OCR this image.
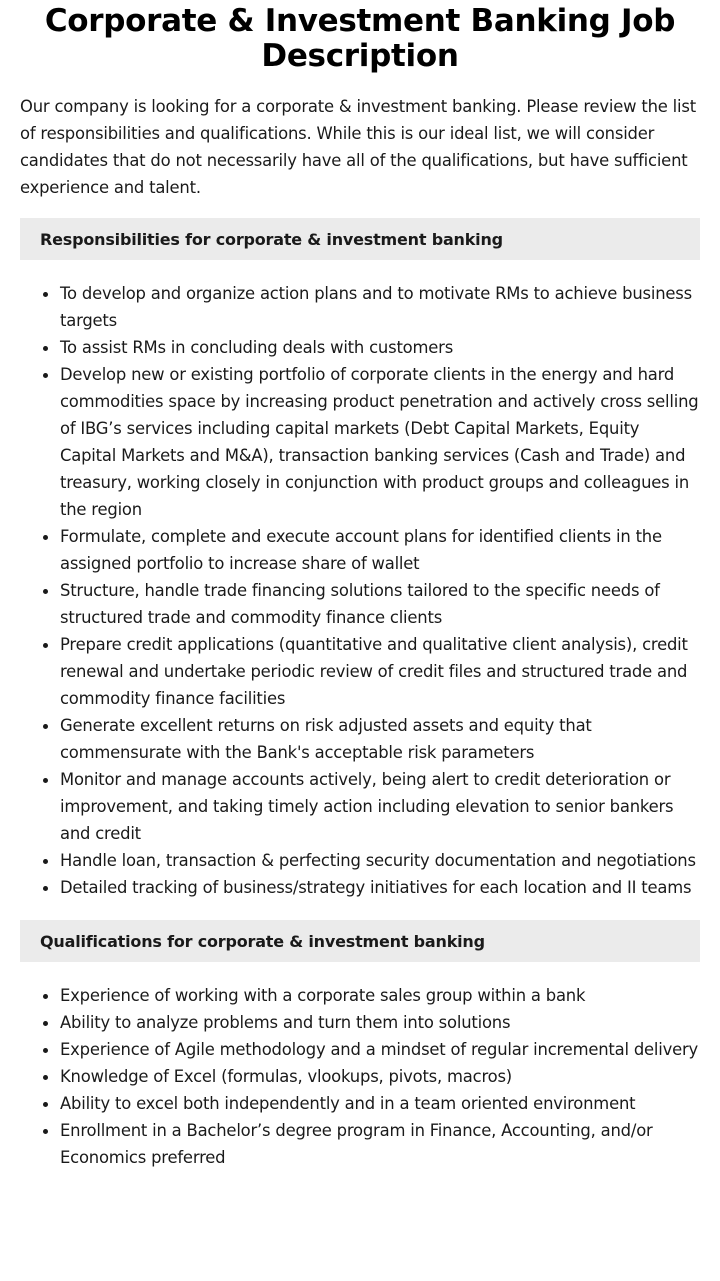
Corporate & Investment Banking Job Description

Our company is looking for a corporate & investment banking. Please review the list of responsibilities and qualifications. While this is our ideal list, we will consider candidates that do not necessarily have all of the qualifications, but have sufficient experience and talent.

Responsibilities for corporate & investment banking
To develop and organize action plans and to motivate RMs to achieve business targets
To assist RMs in concluding deals with customers
Develop new or existing portfolio of corporate clients in the energy and hard commodities space by increasing product penetration and actively cross selling of IBG’s services including capital markets (Debt Capital Markets, Equity Capital Markets and M&A), transaction banking services (Cash and Trade) and treasury, working closely in conjunction with product groups and colleagues in the region
Formulate, complete and execute account plans for identified clients in the assigned portfolio to increase share of wallet
Structure, handle trade financing solutions tailored to the specific needs of structured trade and commodity finance clients
Prepare credit applications (quantitative and qualitative client analysis), credit renewal and undertake periodic review of credit files and structured trade and commodity finance facilities
Generate excellent returns on risk adjusted assets and equity that commensurate with the Bank's acceptable risk parameters
Monitor and manage accounts actively, being alert to credit deterioration or improvement, and taking timely action including elevation to senior bankers and credit
Handle loan, transaction & perfecting security documentation and negotiations
Detailed tracking of business/strategy initiatives for each location and II teams
Qualifications for corporate & investment banking
Experience of working with a corporate sales group within a bank
Ability to analyze problems and turn them into solutions
Experience of Agile methodology and a mindset of regular incremental delivery
Knowledge of Excel (formulas, vlookups, pivots, macros)
Ability to excel both independently and in a team oriented environment
Enrollment in a Bachelor’s degree program in Finance, Accounting, and/or Economics preferred
